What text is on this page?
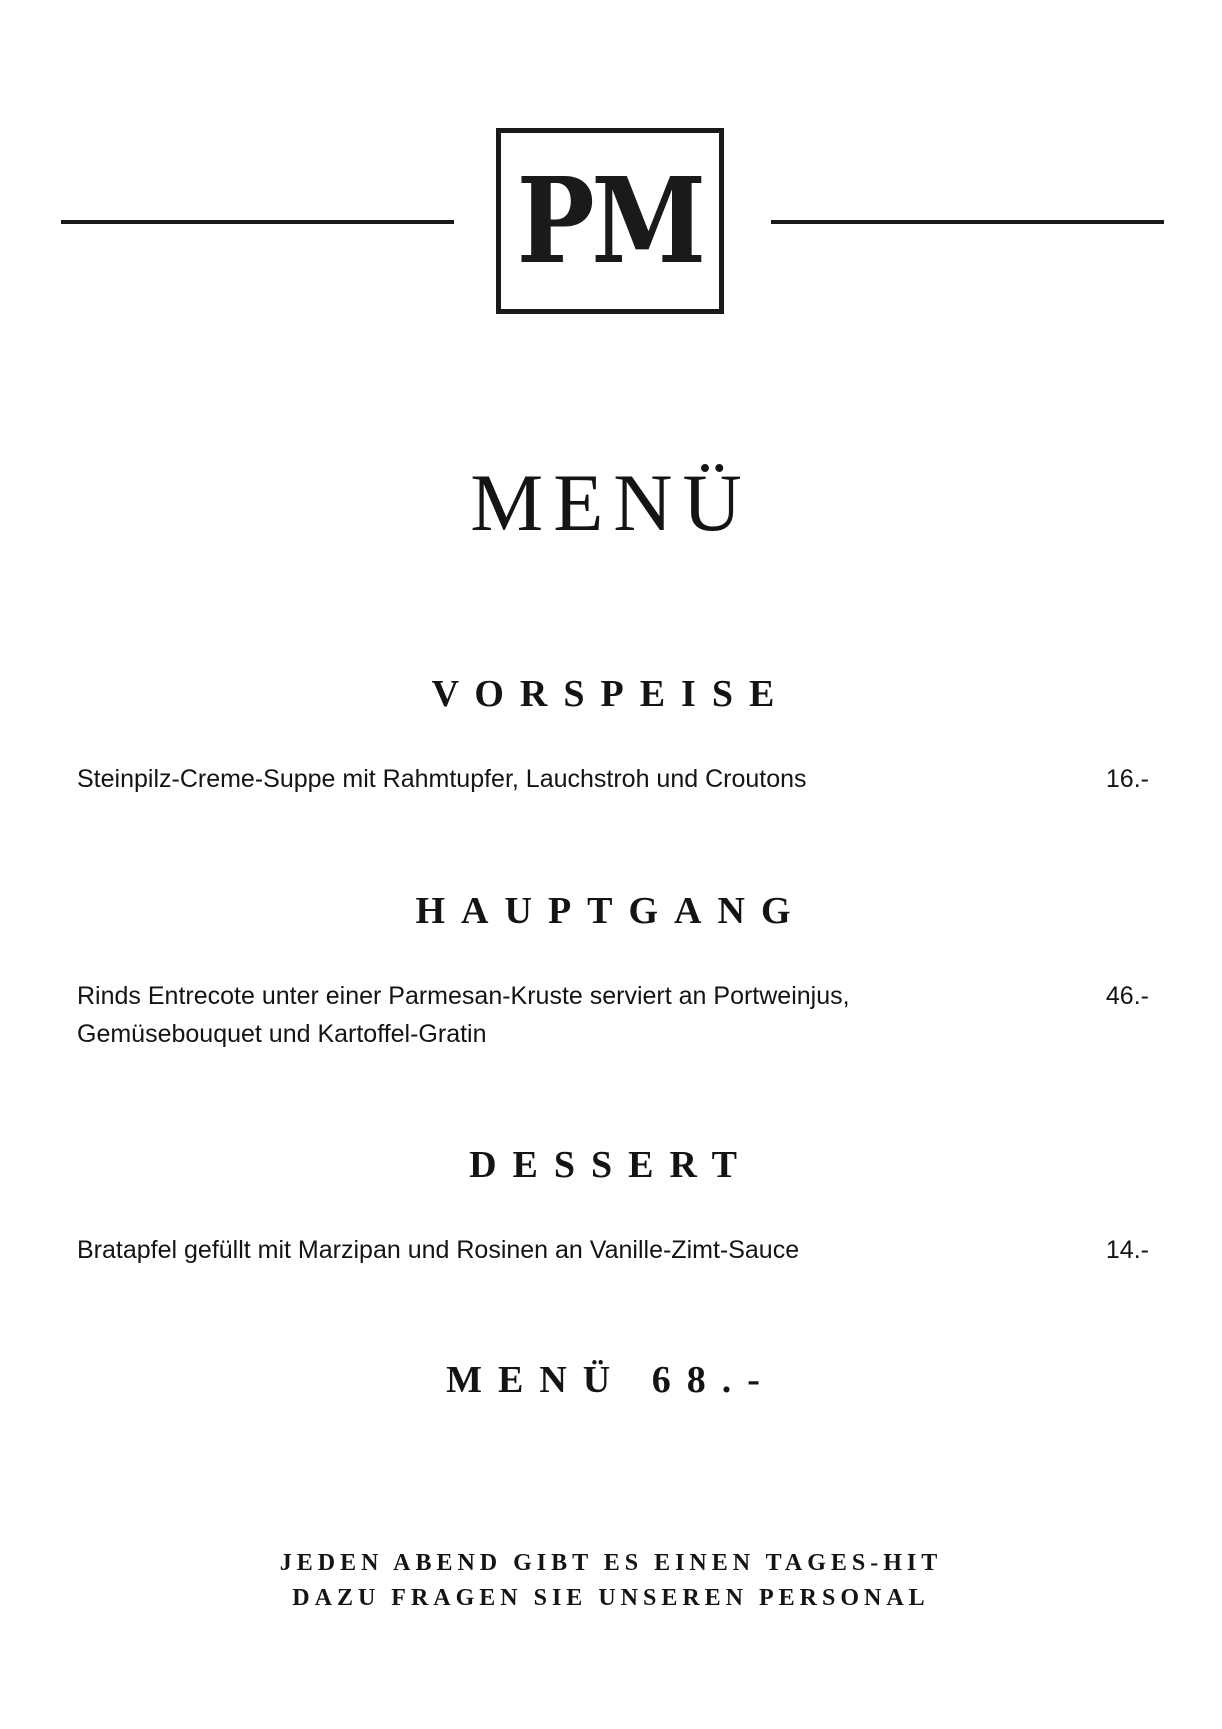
PM
MENÜ
VORSPEISE
Steinpilz-Creme-Suppe mit Rahmtupfer, Lauchstroh und Croutons	16.-
HAUPTGANG
Rinds Entrecote unter einer Parmesan-Kruste serviert an Portweinjus,
Gemüsebouquet und Kartoffel-Gratin
46.-
DESSERT
Bratapfel gefüllt mit Marzipan und Rosinen an Vanille-Zimt-Sauce	14.-
MENÜ 68.-
JEDEN ABEND GIBT ES EINEN TAGES-HIT
DAZU FRAGEN SIE UNSEREN PERSONAL
